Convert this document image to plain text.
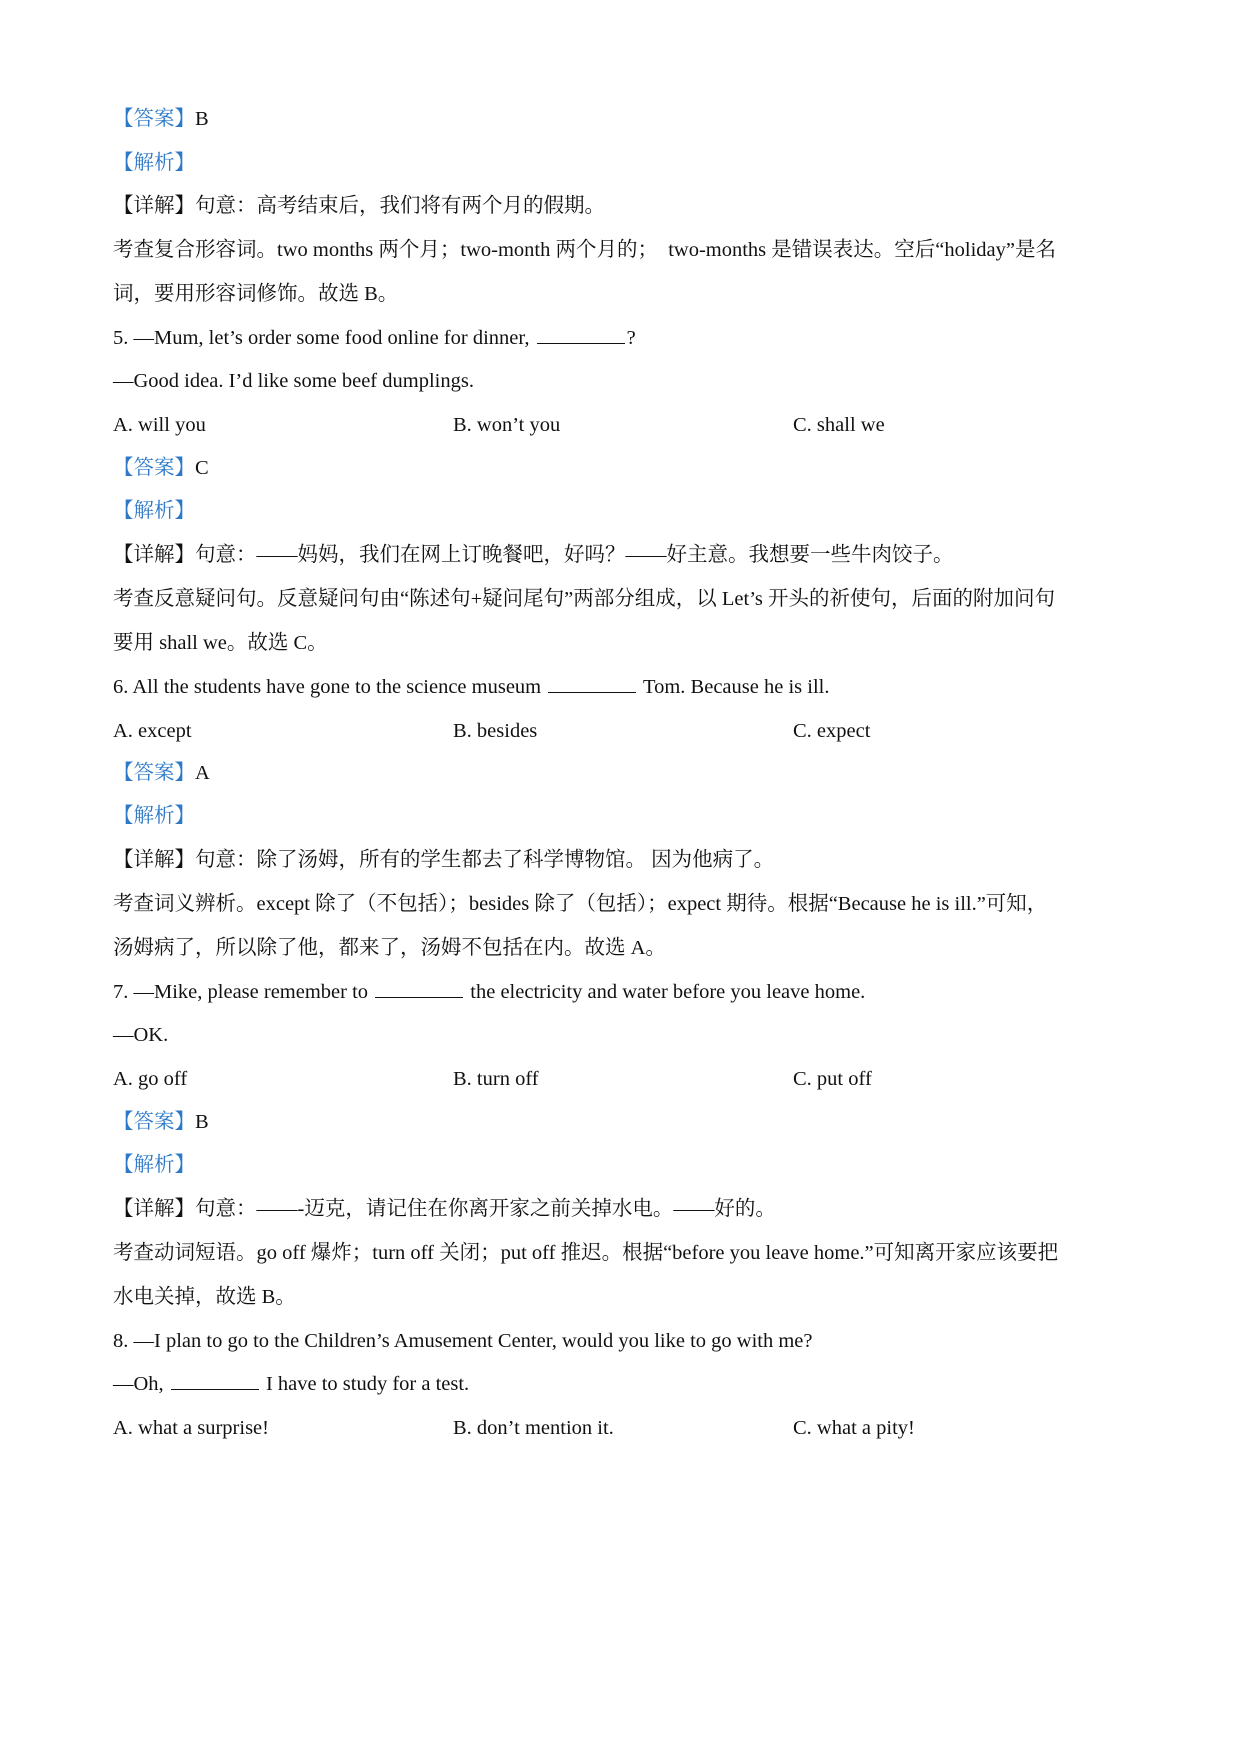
【答案】B
【解析】
【详解】句意：高考结束后，我们将有两个月的假期。
考查复合形容词。two months 两个月；two-month 两个月的；　two-months 是错误表达。空后“holiday”是名
词，要用形容词修饰。故选 B。
5. —Mum, let’s order some food online for dinner,	?
—Good idea. I’d like some beef dumplings.
A. will you	B. won’t you	C. shall we
【答案】C
【解析】
【详解】句意：——妈妈，我们在网上订晚餐吧，好吗？——好主意。我想要一些牛肉饺子。
考查反意疑问句。反意疑问句由“陈述句+疑问尾句”两部分组成，以 Let’s 开头的祈使句，后面的附加问句
要用 shall we。故选 C。
6. All the students have gone to the science museum	Tom. Because he is ill.
A. except	B. besides	C. expect
【答案】A
【解析】
【详解】句意：除了汤姆，所有的学生都去了科学博物馆。 因为他病了。
考查词义辨析。except 除了（不包括）；besides 除了（包括）；expect 期待。根据“Because he is ill.”可知，
汤姆病了，所以除了他，都来了，汤姆不包括在内。故选 A。
7. —Mike, please remember to	the electricity and water before you leave home.
—OK.
A. go off	B. turn off	C. put off
【答案】B
【解析】
【详解】句意：——-迈克，请记住在你离开家之前关掉水电。——好的。
考查动词短语。go off 爆炸；turn off 关闭；put off 推迟。根据“before you leave home.”可知离开家应该要把
水电关掉，故选 B。
8. —I plan to go to the Children’s Amusement Center, would you like to go with me?
—Oh,	I have to study for a test.
A. what a surprise!	B. don’t mention it.	C. what a pity!
